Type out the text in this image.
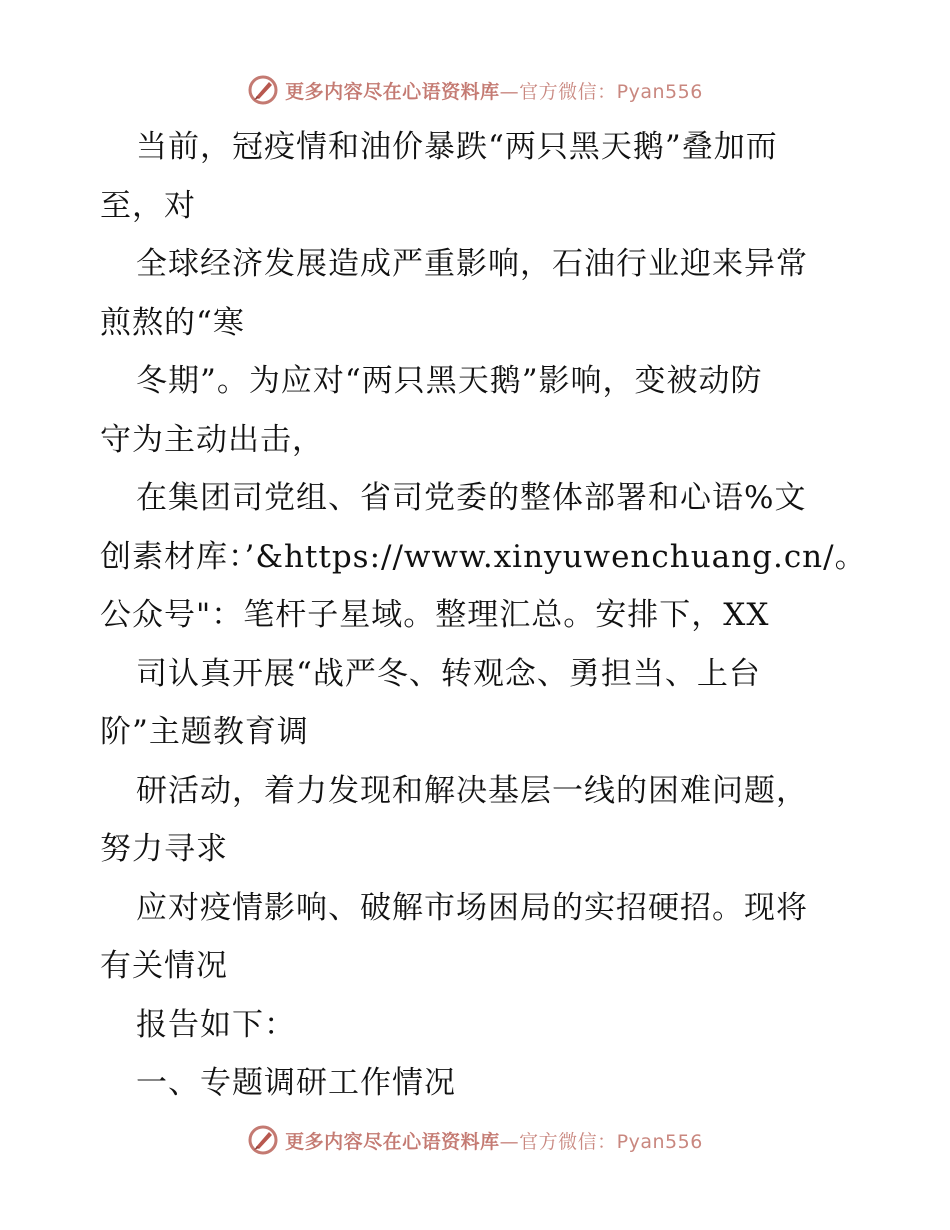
更多内容尽在心语资料库—官方微信：Pyan556
当前，冠疫情和油价暴跌“两只黑天鹅”叠加而
至，对
全球经济发展造成严重影响，石油行业迎来异常
煎熬的“寒
冬期”。为应对“两只黑天鹅”影响，变被动防
守为主动出击，
在集团司党组、省司党委的整体部署和心语%文
创素材库：’&https://www.xinyuwenchuang.cn/。
公众号"：笔杆子星域。整理汇总。安排下，XX
司认真开展“战严冬、转观念、勇担当、上台
阶”主题教育调
研活动，着力发现和解决基层一线的困难问题，
努力寻求
应对疫情影响、破解市场困局的实招硬招。现将
有关情况
报告如下：
一、专题调研工作情况
更多内容尽在心语资料库—官方微信：Pyan556
